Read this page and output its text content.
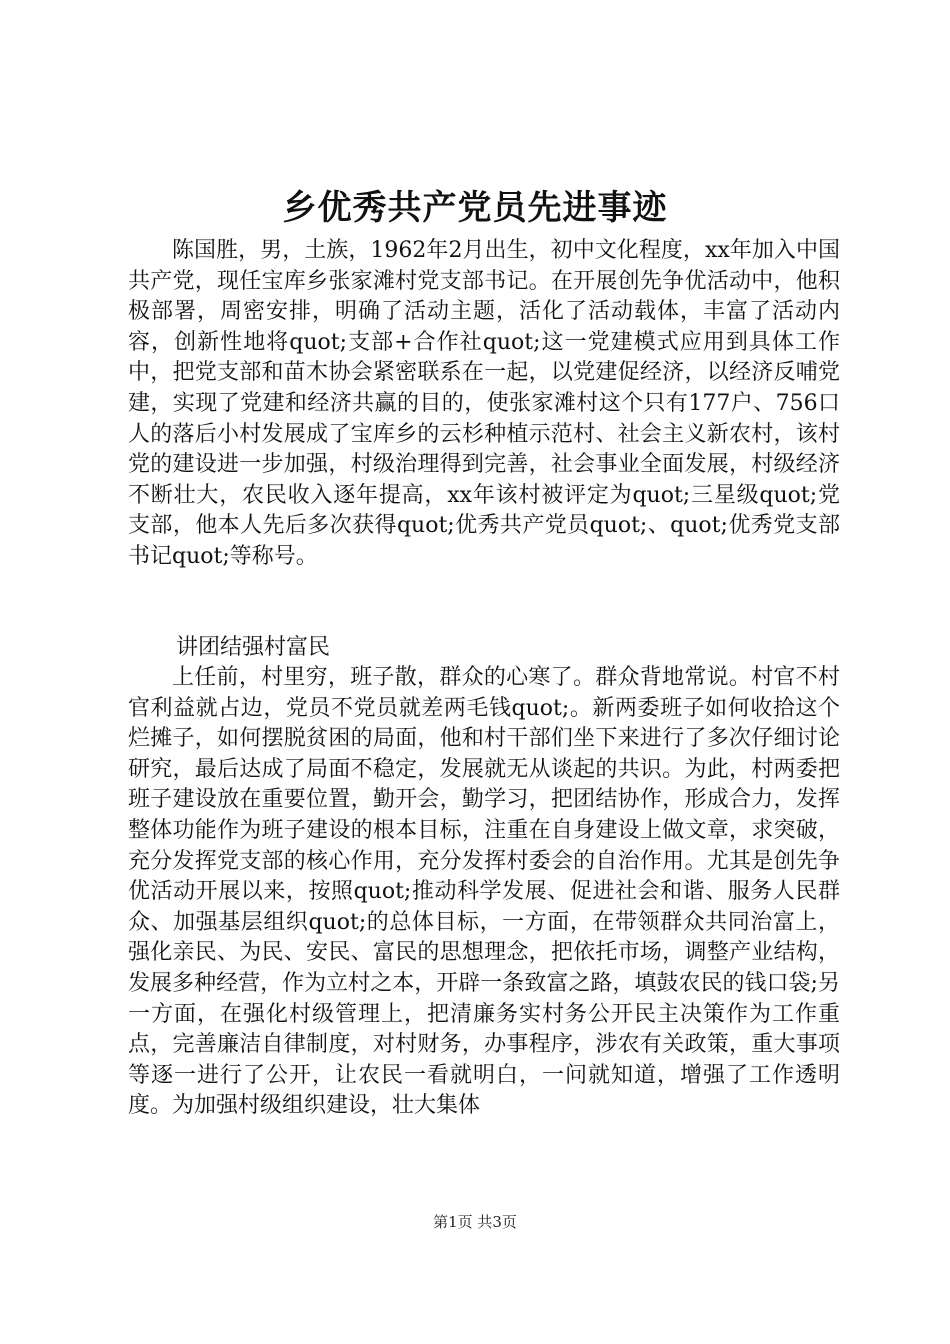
乡优秀共产党员先进事迹

陈国胜，男，土族，1962年2月出生，初中文化程度，xx年加入中国共产党，现任宝库乡张家滩村党支部书记。在开展创先争优活动中，他积极部署，周密安排，明确了活动主题，活化了活动载体，丰富了活动内容，创新性地将quot;支部+合作社quot;这一党建模式应用到具体工作中，把党支部和苗木协会紧密联系在一起，以党建促经济，以经济反哺党建，实现了党建和经济共赢的目的，使张家滩村这个只有177户、756口人的落后小村发展成了宝库乡的云杉种植示范村、社会主义新农村，该村党的建设进一步加强，村级治理得到完善，社会事业全面发展，村级经济不断壮大，农民收入逐年提高，xx年该村被评定为quot;三星级quot;党支部，他本人先后多次获得quot;优秀共产党员quot;、quot;优秀党支部书记quot;等称号。

讲团结强村富民

上任前，村里穷，班子散，群众的心寒了。群众背地常说。村官不村官利益就占边，党员不党员就差两毛钱quot;。新两委班子如何收拾这个烂摊子，如何摆脱贫困的局面，他和村干部们坐下来进行了多次仔细讨论研究，最后达成了局面不稳定，发展就无从谈起的共识。为此，村两委把班子建设放在重要位置，勤开会，勤学习，把团结协作，形成合力，发挥整体功能作为班子建设的根本目标，注重在自身建设上做文章，求突破，充分发挥党支部的核心作用，充分发挥村委会的自治作用。尤其是创先争优活动开展以来，按照quot;推动科学发展、促进社会和谐、服务人民群众、加强基层组织quot;的总体目标，一方面，在带领群众共同治富上，强化亲民、为民、安民、富民的思想理念，把依托市场，调整产业结构，发展多种经营，作为立村之本，开辟一条致富之路，填鼓农民的钱口袋;另一方面，在强化村级管理上，把清廉务实村务公开民主决策作为工作重点，完善廉洁自律制度，对村财务，办事程序，涉农有关政策，重大事项等逐一进行了公开，让农民一看就明白，一问就知道，增强了工作透明度。为加强村级组织建设，壮大集体

第1页 共3页
